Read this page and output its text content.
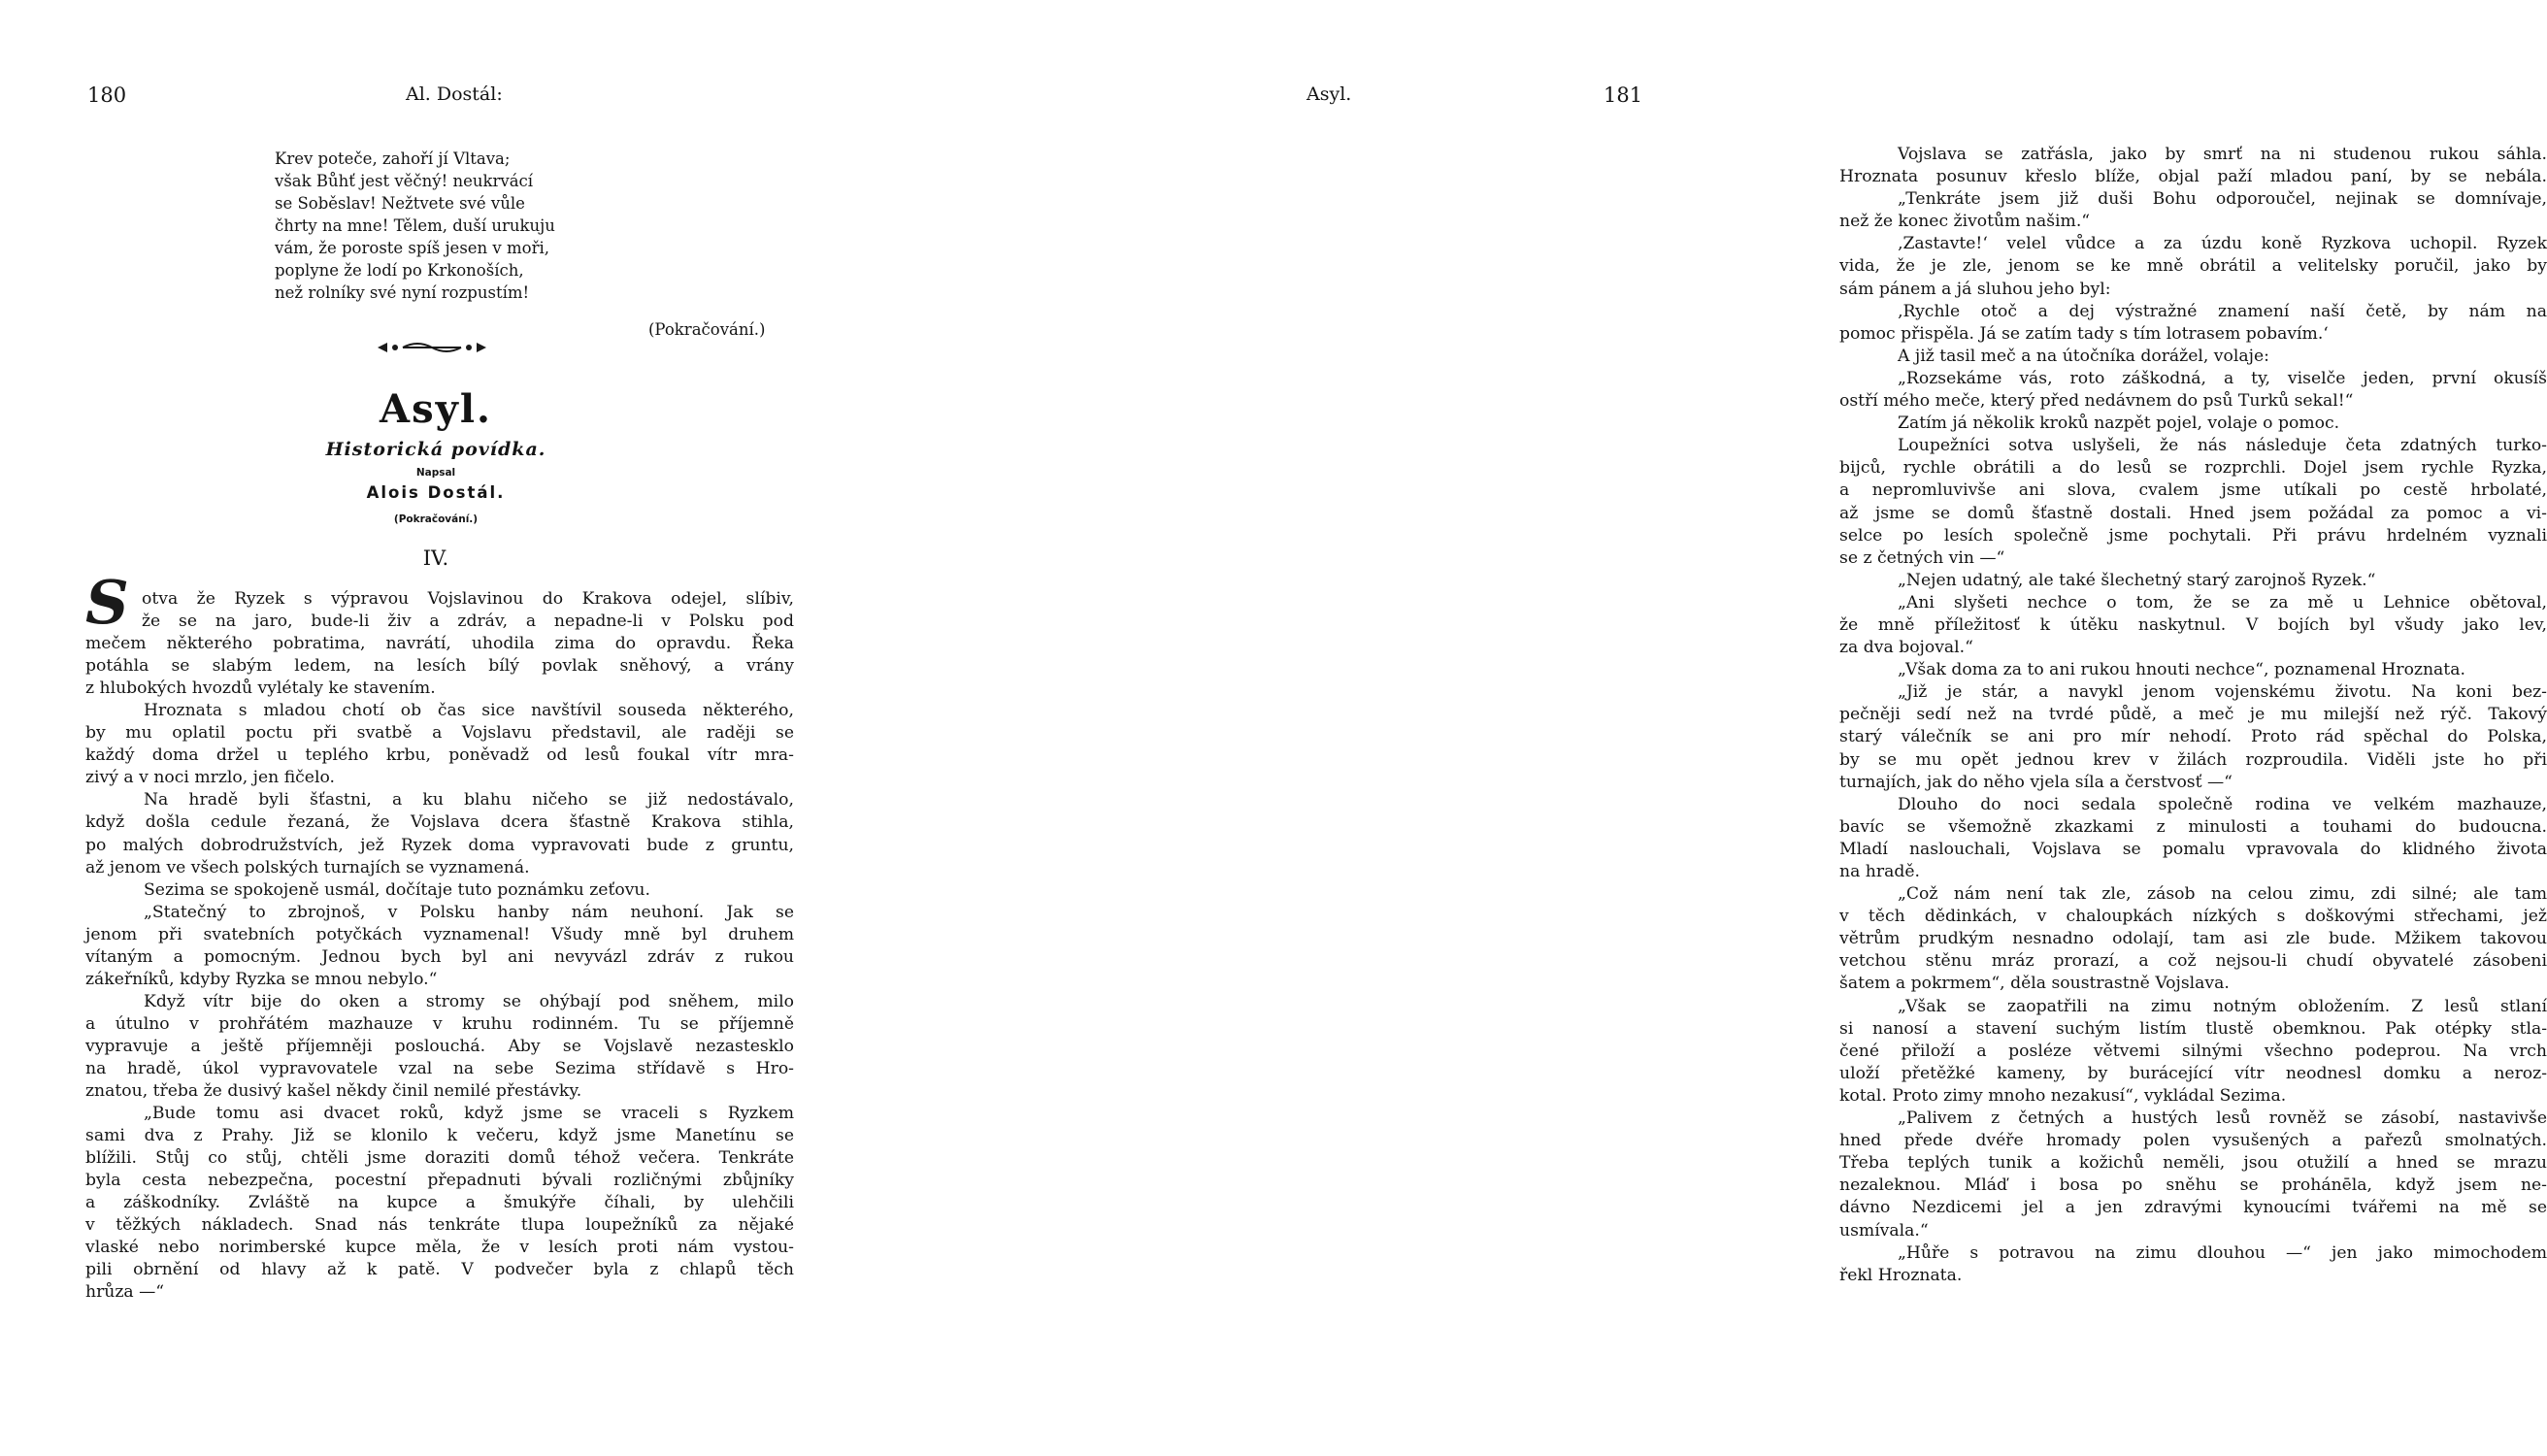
180	Al. Dostál:
Krev poteče, zahoří jí Vltava;
však Bůhť jest věčný! neukrvácí
se Soběslav! Nežtvete své vůle
čhrty na mne! Tělem, duší urukuju
vám, že poroste spíš jesen v moři,
poplyne že lodí po Krkonoších,
než rolníky své nyní rozpustím!
(Pokračování.)
Asyl.
Historická povídka.
Napsal
Alois Dostál.
(Pokračování.)
IV.
S otva že Ryzek s výpravou Vojslavinou do Krakova odejel, slíbiv,
že se na jaro, bude-li živ a zdráv, a nepadne-li v Polsku pod
mečem některého pobratima, navrátí, uhodila zima do opravdu. Řeka
potáhla se slabým ledem, na lesích bílý povlak sněhový, a vrány
z hlubokých hvozdů vylétaly ke stavením.
Hroznata s mladou chotí ob čas sice navštívil souseda některého,
by mu oplatil poctu při svatbě a Vojslavu představil, ale raději se
každý doma držel u teplého krbu, poněvadž od lesů foukal vítr mra-
zivý a v noci mrzlo, jen fičelo.
Na hradě byli šťastni, a ku blahu ničeho se již nedostávalo,
když došla cedule řezaná, že Vojslava dcera šťastně Krakova stihla,
po malých dobrodružstvích, jež Ryzek doma vypravovati bude z gruntu,
až jenom ve všech polských turnajích se vyznamená.
Sezima se spokojeně usmál, dočítaje tuto poznámku zeťovu.
„Statečný to zbrojnoš, v Polsku hanby nám neuhoní. Jak se
jenom při svatebních potyčkách vyznamenal! Všudy mně byl druhem
vítaným a pomocným. Jednou bych byl ani nevyvázl zdráv z rukou
zákeřníků, kdyby Ryzka se mnou nebylo.“
Když vítr bije do oken a stromy se ohýbají pod sněhem, milo
a útulno v prohřátém mazhauze v kruhu rodinném. Tu se příjemně
vypravuje a ještě příjemněji poslouchá. Aby se Vojslavě nezastesklo
na hradě, úkol vypravovatele vzal na sebe Sezima střídavě s Hro-
znatou, třeba že dusivý kašel někdy činil nemilé přestávky.
„Bude tomu asi dvacet roků, když jsme se vraceli s Ryzkem
sami dva z Prahy. Již se klonilo k večeru, když jsme Manetínu se
blížili. Stůj co stůj, chtěli jsme doraziti domů téhož večera. Tenkráte
byla cesta nebezpečna, pocestní přepadnuti bývali rozličnými zbůjníky
a záškodníky. Zvláště na kupce a šmukýře číhali, by ulehčili
v těžkých nákladech. Snad nás tenkráte tlupa loupežníků za nějaké
vlaské nebo norimberské kupce měla, že v lesích proti nám vystou-
pili obrnění od hlavy až k patě. V podvečer byla z chlapů těch
hrůza —“
Asyl.	181
Vojslava se zatřásla, jako by smrť na ni studenou rukou sáhla.
Hroznata posunuv křeslo blíže, objal paží mladou paní, by se nebála.
„Tenkráte jsem již duši Bohu odporoučel, nejinak se domnívaje,
než že konec životům našim.“
‚Zastavte!‘ velel vůdce a za úzdu koně Ryzkova uchopil. Ryzek
vida, že je zle, jenom se ke mně obrátil a velitelsky poručil, jako by
sám pánem a já sluhou jeho byl:
‚Rychle otoč a dej výstražné znamení naší četě, by nám na
pomoc přispěla. Já se zatím tady s tím lotrasem pobavím.‘
A již tasil meč a na útočníka dorážel, volaje:
„Rozsekáme vás, roto záškodná, a ty, viselče jeden, první okusíš
ostří mého meče, který před nedávnem do psů Turků sekal!“
Zatím já několik kroků nazpět pojel, volaje o pomoc.
Loupežníci sotva uslyšeli, že nás následuje četa zdatných turko-
bijců, rychle obrátili a do lesů se rozprchli. Dojel jsem rychle Ryzka,
a nepromluvivše ani slova, cvalem jsme utíkali po cestě hrbolaté,
až jsme se domů šťastně dostali. Hned jsem požádal za pomoc a vi-
selce po lesích společně jsme pochytali. Při právu hrdelném vyznali
se z četných vin —“
„Nejen udatný, ale také šlechetný starý zarojnoš Ryzek.“
„Ani slyšeti nechce o tom, že se za mě u Lehnice obětoval,
že mně příležitosť k útěku naskytnul. V bojích byl všudy jako lev,
za dva bojoval.“
„Však doma za to ani rukou hnouti nechce“, poznamenal Hroznata.
„Již je stár, a navykl jenom vojenskému životu. Na koni bez-
pečněji sedí než na tvrdé půdě, a meč je mu milejší než rýč. Takový
starý válečník se ani pro mír nehodí. Proto rád spěchal do Polska,
by se mu opět jednou krev v žilách rozproudila. Viděli jste ho při
turnajích, jak do něho vjela síla a čerstvosť —“
Dlouho do noci sedala společně rodina ve velkém mazhauze,
bavíc se všemožně zkazkami z minulosti a touhami do budoucna.
Mladí naslouchali, Vojslava se pomalu vpravovala do klidného života
na hradě.
„Což nám není tak zle, zásob na celou zimu, zdi silné; ale tam
v těch dědinkách, v chaloupkách nízkých s doškovými střechami, jež
větrům prudkým nesnadno odolají, tam asi zle bude. Mžikem takovou
vetchou stěnu mráz prorazí, a což nejsou-li chudí obyvatelé zásobeni
šatem a pokrmem“, děla soustrastně Vojslava.
„Však se zaopatřili na zimu notným obložením. Z lesů stlaní
si nanosí a stavení suchým listím tlustě obemknou. Pak otépky stla-
čené přiloží a posléze větvemi silnými všechno podeprou. Na vrch
uloží přetěžké kameny, by burácející vítr neodnesl domku a neroz-
kotal. Proto zimy mnoho nezakusí“, vykládal Sezima.
„Palivem z četných a hustých lesů rovněž se zásobí, nastavivše
hned přede dvéře hromady polen vysušených a pařezů smolnatých.
Třeba teplých tunik a kožichů neměli, jsou otužilí a hned se mrazu
nezaleknou. Mláď i bosa po sněhu se prohánēla, když jsem ne-
dávno Nezdicemi jel a jen zdravými kynoucími tvářemi na mě se
usmívala.“
„Hůře s potravou na zimu dlouhou —“ jen jako mimochodem
řekl Hroznata.
